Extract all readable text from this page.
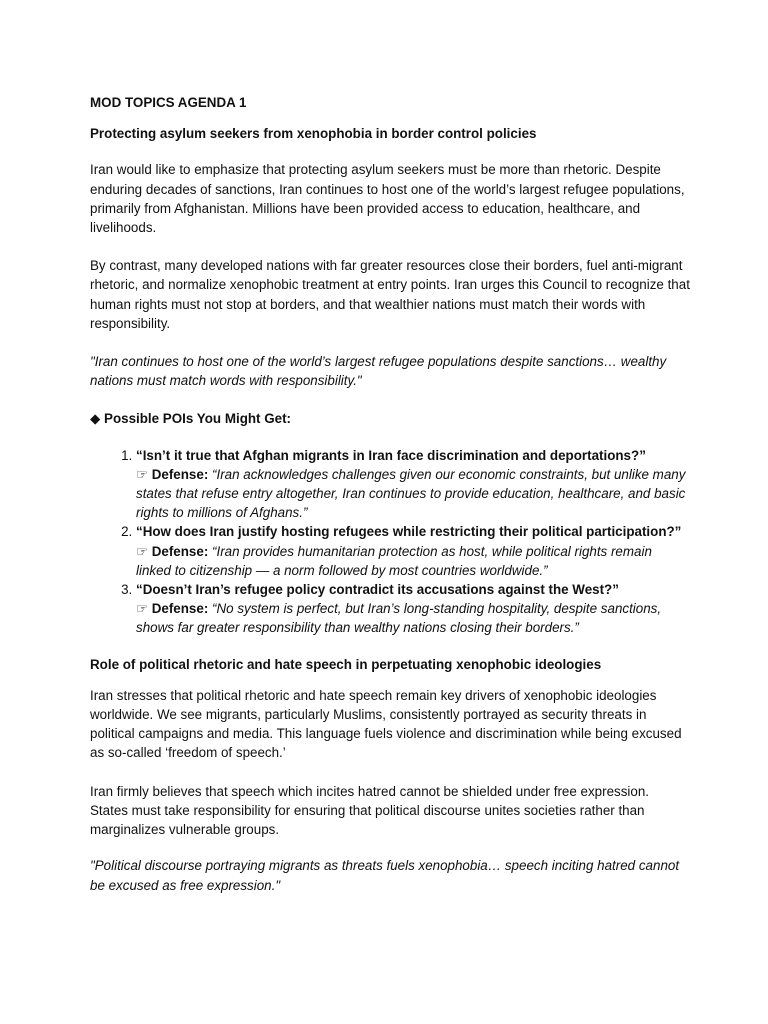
MOD TOPICS AGENDA 1

Protecting asylum seekers from xenophobia in border control policies

Iran would like to emphasize that protecting asylum seekers must be more than rhetoric. Despite enduring decades of sanctions, Iran continues to host one of the world’s largest refugee populations, primarily from Afghanistan. Millions have been provided access to education, healthcare, and livelihoods.

By contrast, many developed nations with far greater resources close their borders, fuel anti-migrant rhetoric, and normalize xenophobic treatment at entry points. Iran urges this Council to recognize that human rights must not stop at borders, and that wealthier nations must match their words with responsibility.

"Iran continues to host one of the world’s largest refugee populations despite sanctions… wealthy nations must match words with responsibility."

◆ Possible POIs You Might Get:

1. “Isn’t it true that Afghan migrants in Iran face discrimination and deportations?”
☞ Defense: “Iran acknowledges challenges given our economic constraints, but unlike many states that refuse entry altogether, Iran continues to provide education, healthcare, and basic rights to millions of Afghans.”
2. “How does Iran justify hosting refugees while restricting their political participation?”
☞ Defense: “Iran provides humanitarian protection as host, while political rights remain linked to citizenship — a norm followed by most countries worldwide.”
3. “Doesn’t Iran’s refugee policy contradict its accusations against the West?”
☞ Defense: “No system is perfect, but Iran’s long-standing hospitality, despite sanctions, shows far greater responsibility than wealthy nations closing their borders.”

Role of political rhetoric and hate speech in perpetuating xenophobic ideologies

Iran stresses that political rhetoric and hate speech remain key drivers of xenophobic ideologies worldwide. We see migrants, particularly Muslims, consistently portrayed as security threats in political campaigns and media. This language fuels violence and discrimination while being excused as so-called ‘freedom of speech.’

Iran firmly believes that speech which incites hatred cannot be shielded under free expression. States must take responsibility for ensuring that political discourse unites societies rather than marginalizes vulnerable groups.

"Political discourse portraying migrants as threats fuels xenophobia… speech inciting hatred cannot be excused as free expression."
